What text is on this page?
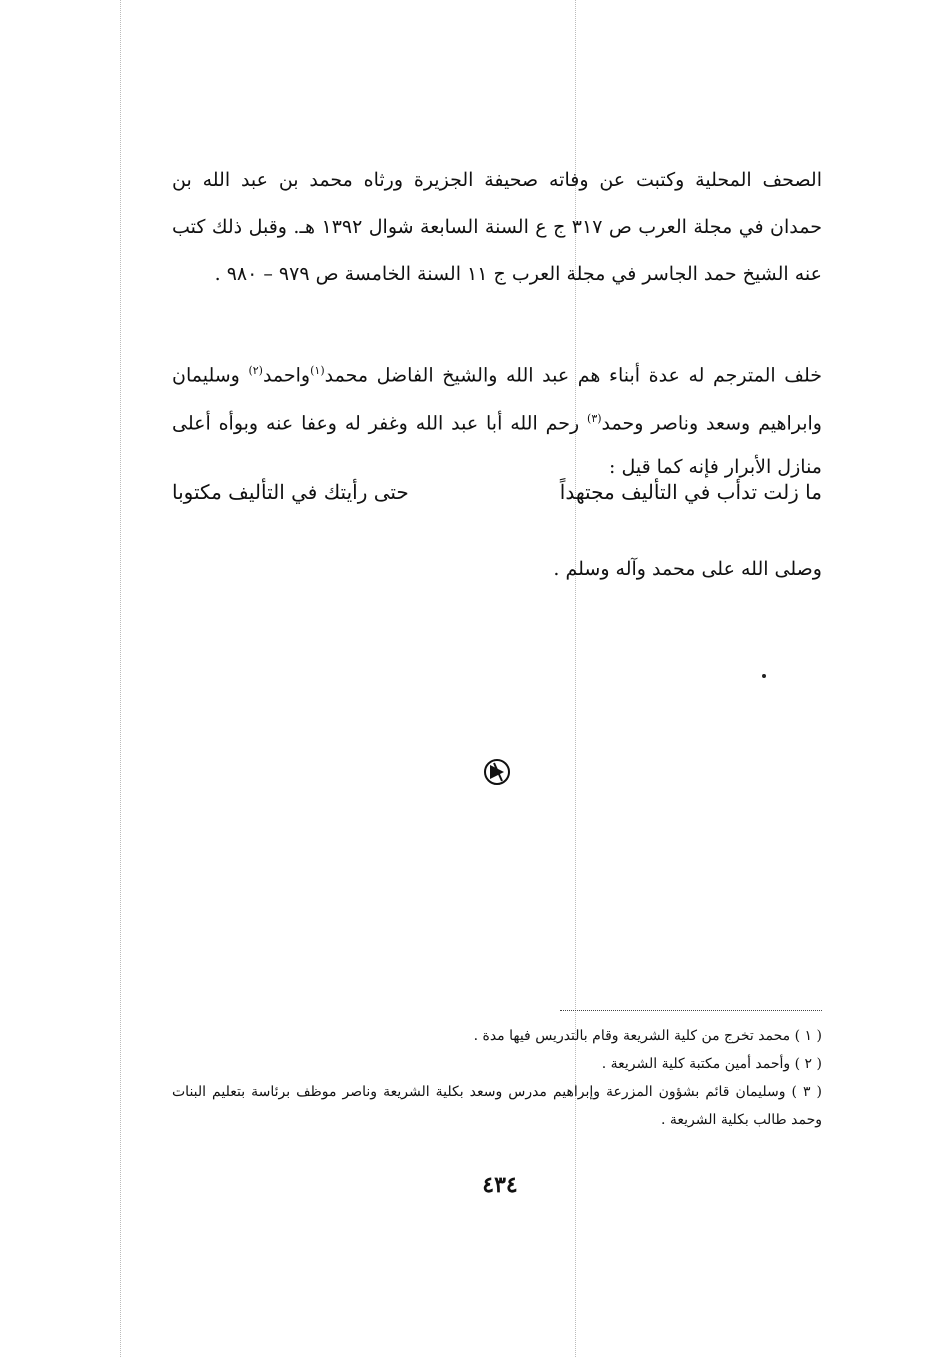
الصحف المحلية وكتبت عن وفاته صحيفة الجزيرة ورثاه محمد بن عبد الله بن حمدان في مجلة العرب ص ٣١٧ ج ع السنة السابعة شوال ١٣٩٢ هـ. وقبل ذلك كتب عنه الشيخ حمد الجاسر في مجلة العرب ج ١١ السنة الخامسة ص ٩٧٩ – ٩٨٠ .

خلف المترجم له عدة أبناء هم عبد الله والشيخ الفاضل محمد$^{(١)}$واحمد$^{(٢)}$ وسليمان وابراهيم وسعد وناصر وحمد$^{(٣)}$ رحم الله أبا عبد الله وغفر له وعفا عنه وبوأه أعلى منازل الأبرار فإنه كما قيل :

ما زلت تدأب في التأليف مجتهداً
حتى رأيتك في التأليف مكتوبا

وصلى الله على محمد وآله وسلم .

( ١ ) محمد تخرج من كلية الشريعة وقام بالتدريس فيها مدة .

( ٢ ) وأحمد أمين مكتبة كلية الشريعة .

( ٣ ) وسليمان قائم بشؤون المزرعة وإبراهيم مدرس وسعد بكلية الشريعة وناصر موظف برئاسة بتعليم البنات وحمد طالب بكلية الشريعة .

٤٣٤
